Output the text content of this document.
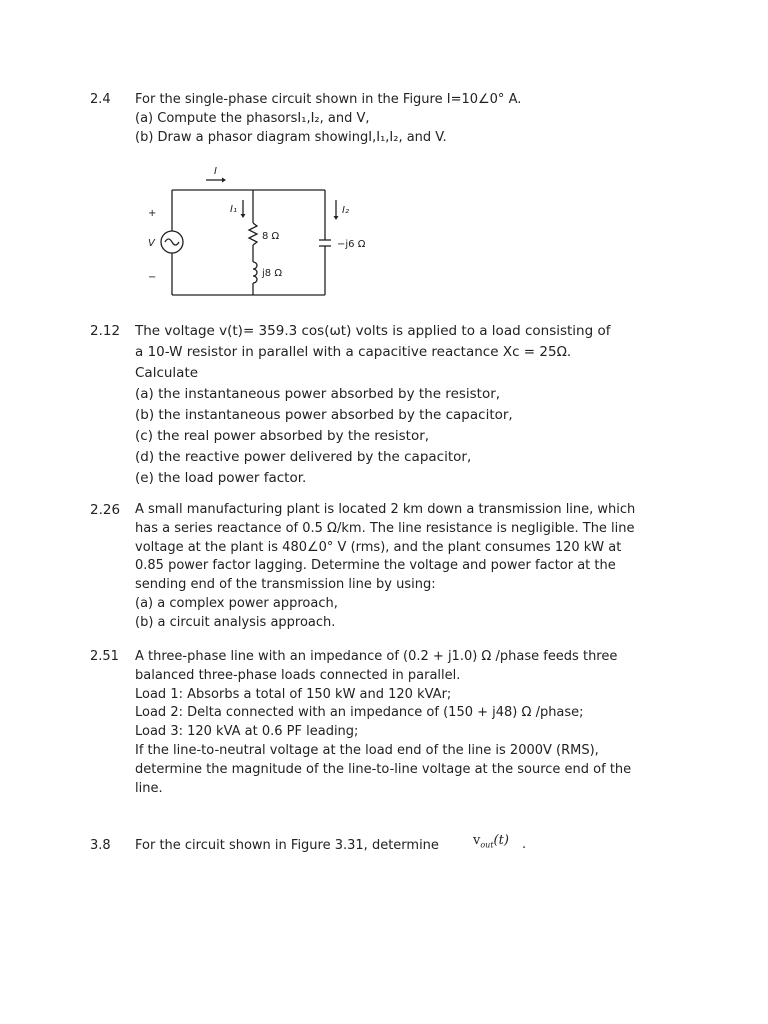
2.4 For the single-phase circuit shown in the Figure I=10∠0° A.
(a) Compute the phasorsI₁,I₂, and V,
(b) Draw a phasor diagram showingI,I₁,I₂, and V.
I
I₁	I₂
+
V
−
8 Ω
j8 Ω
−j6 Ω
2.12 The voltage v(t)= 359.3 cos(ωt) volts is applied to a load consisting of
a 10-W resistor in parallel with a capacitive reactance Xc = 25Ω.
Calculate
(a) the instantaneous power absorbed by the resistor,
(b) the instantaneous power absorbed by the capacitor,
(c) the real power absorbed by the resistor,
(d) the reactive power delivered by the capacitor,
(e) the load power factor.
2.26 A small manufacturing plant is located 2 km down a transmission line, which
has a series reactance of 0.5 Ω/km. The line resistance is negligible. The line
voltage at the plant is 480∠0° V (rms), and the plant consumes 120 kW at
0.85 power factor lagging. Determine the voltage and power factor at the
sending end of the transmission line by using:
(a) a complex power approach,
(b) a circuit analysis approach.
2.51 A three-phase line with an impedance of (0.2 + j1.0) Ω /phase feeds three
balanced three-phase loads connected in parallel.
Load 1: Absorbs a total of 150 kW and 120 kVAr;
Load 2: Delta connected with an impedance of (150 + j48) Ω /phase;
Load 3: 120 kVA at 0.6 PF leading;
If the line-to-neutral voltage at the load end of the line is 2000V (RMS),
determine the magnitude of the line-to-line voltage at the source end of the
line.
3.8 For the circuit shown in Figure 3.31, determine	$v_{out}(t)$ .
